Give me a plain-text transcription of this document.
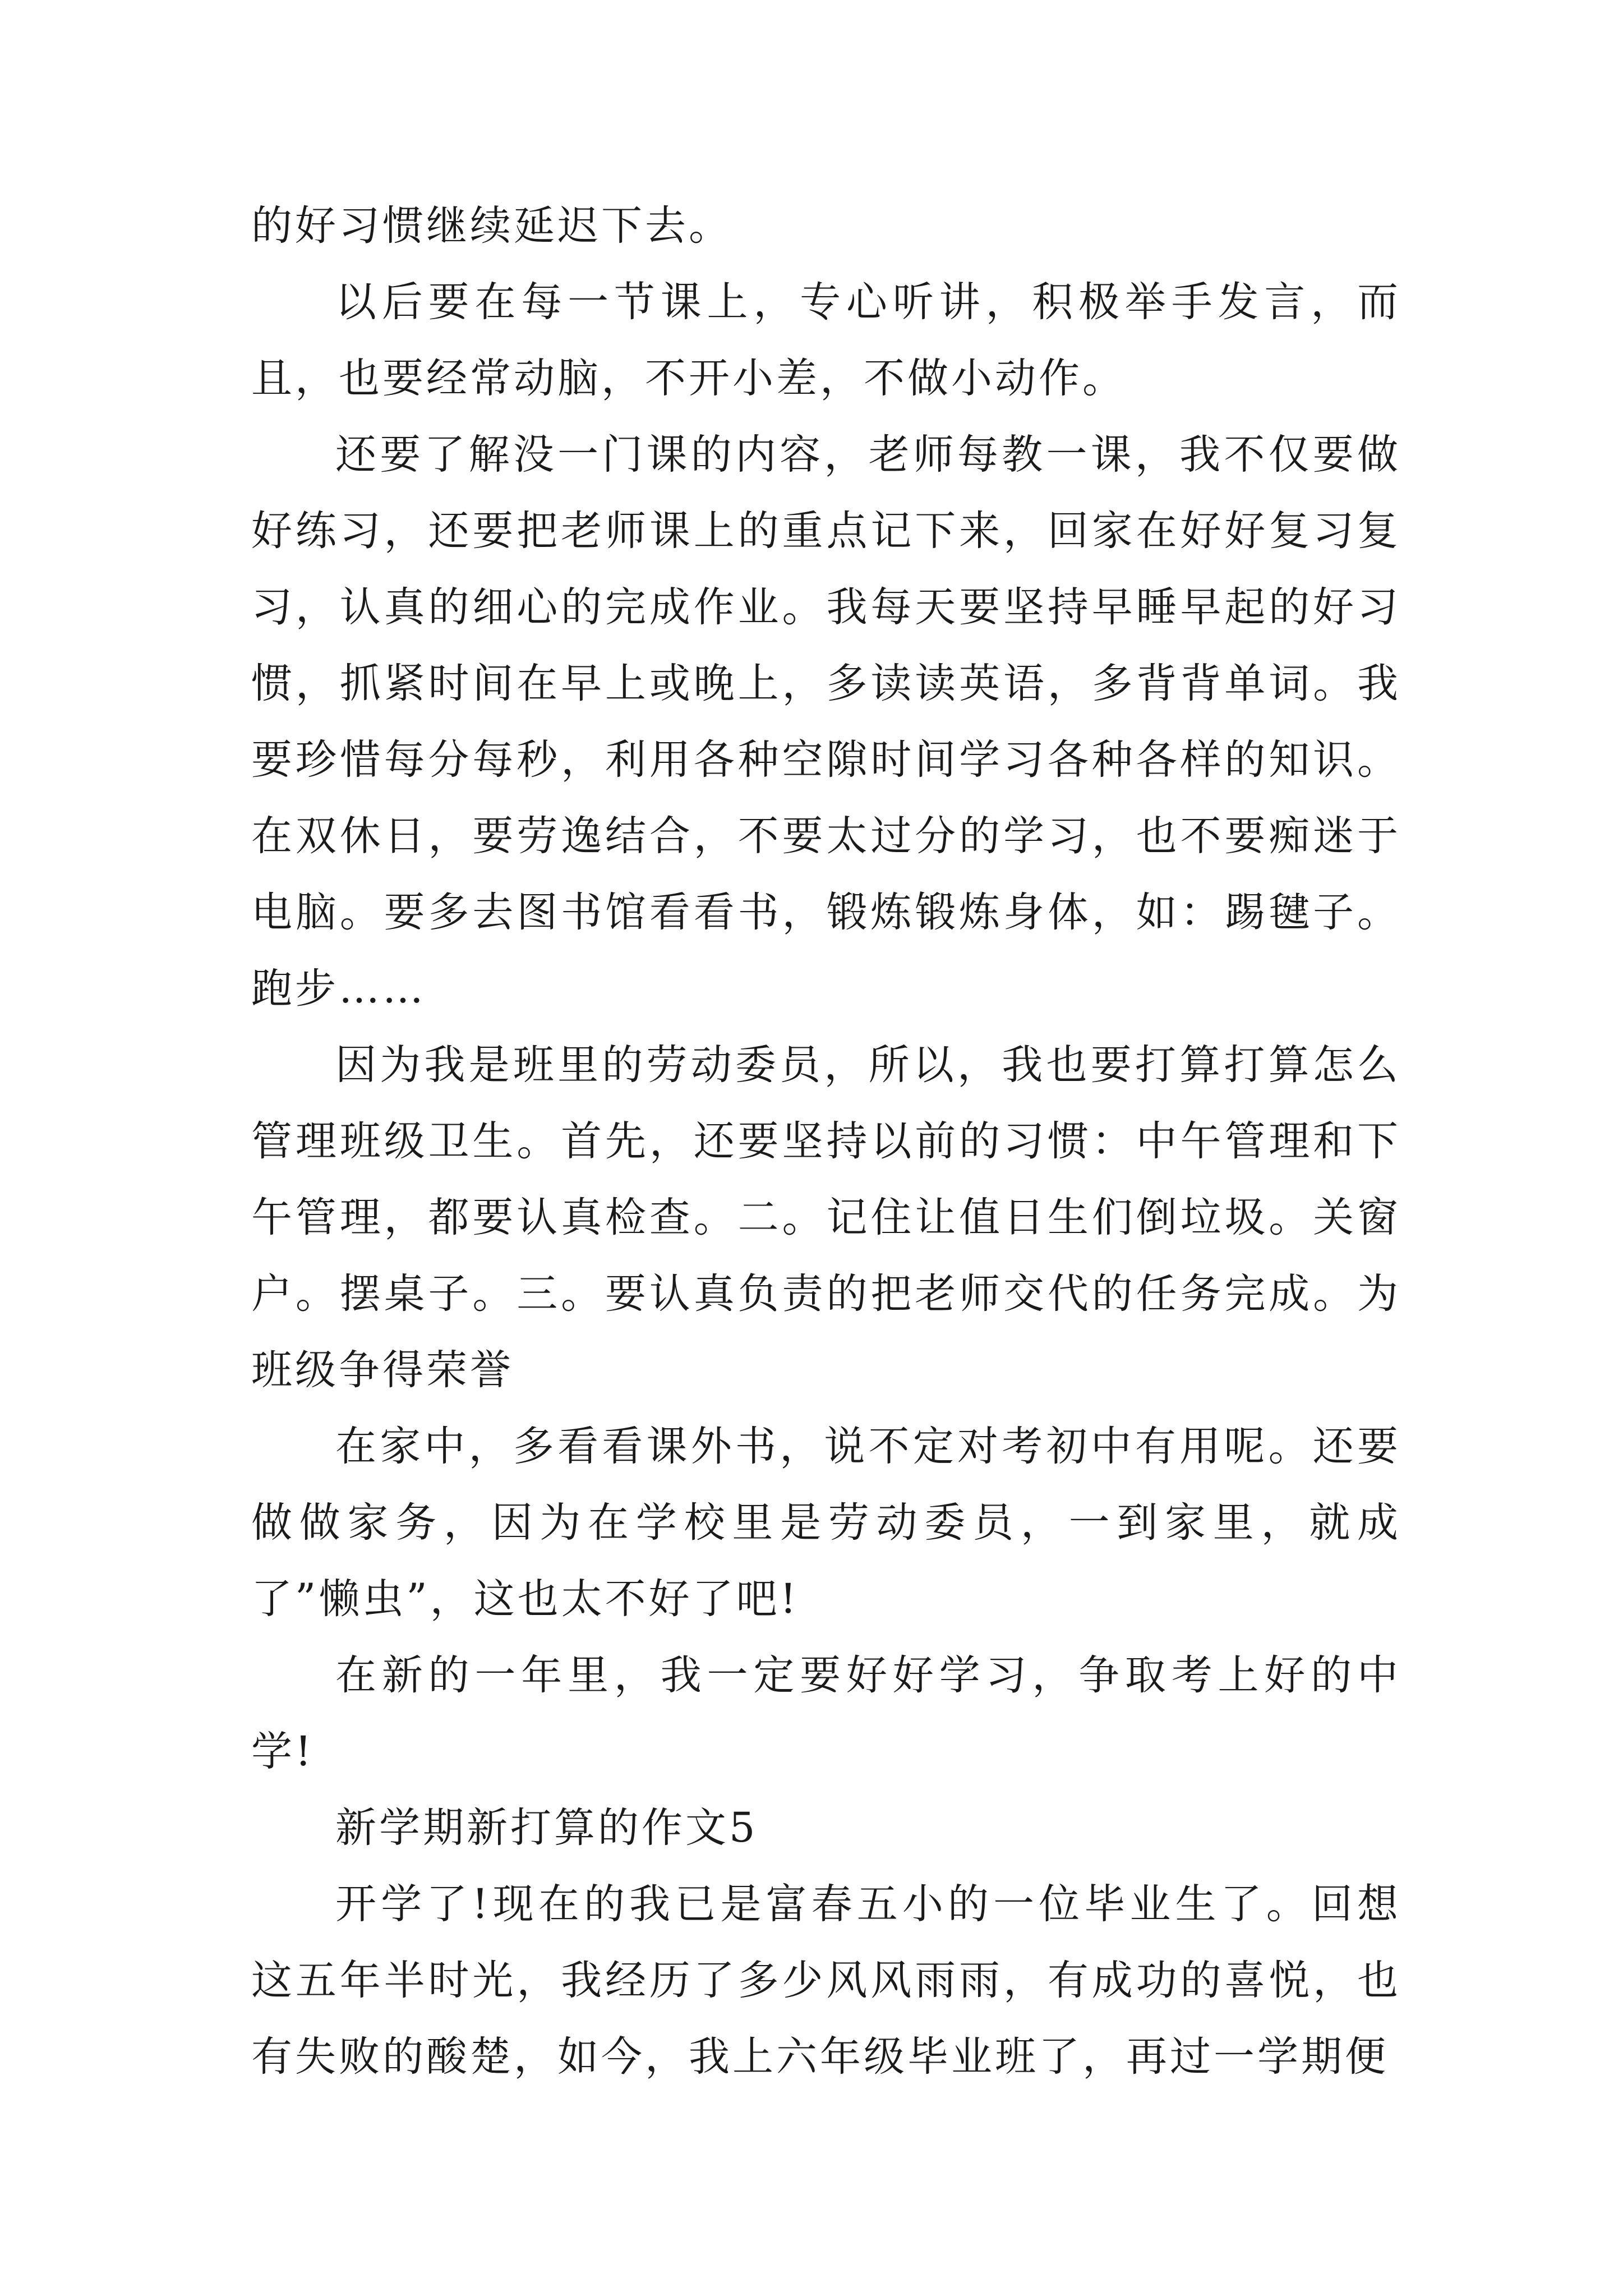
的好习惯继续延迟下去。

以后要在每一节课上，专心听讲，积极举手发言，而且，也要经常动脑，不开小差，不做小动作。

还要了解没一门课的内容，老师每教一课，我不仅要做好练习，还要把老师课上的重点记下来，回家在好好复习复习，认真的细心的完成作业。我每天要坚持早睡早起的好习惯，抓紧时间在早上或晚上，多读读英语，多背背单词。我要珍惜每分每秒，利用各种空隙时间学习各种各样的知识。在双休日，要劳逸结合，不要太过分的学习，也不要痴迷于电脑。要多去图书馆看看书，锻炼锻炼身体，如：踢毽子。跑步……

因为我是班里的劳动委员，所以，我也要打算打算怎么管理班级卫生。首先，还要坚持以前的习惯：中午管理和下午管理，都要认真检查。二。记住让值日生们倒垃圾。关窗户。摆桌子。三。要认真负责的把老师交代的任务完成。为班级争得荣誉

在家中，多看看课外书，说不定对考初中有用呢。还要做做家务，因为在学校里是劳动委员，一到家里，就成了”懒虫”，这也太不好了吧!

在新的一年里，我一定要好好学习，争取考上好的中学!

新学期新打算的作文5

开学了!现在的我已是富春五小的一位毕业生了。回想这五年半时光，我经历了多少风风雨雨，有成功的喜悦，也有失败的酸楚，如今，我上六年级毕业班了，再过一学期便
